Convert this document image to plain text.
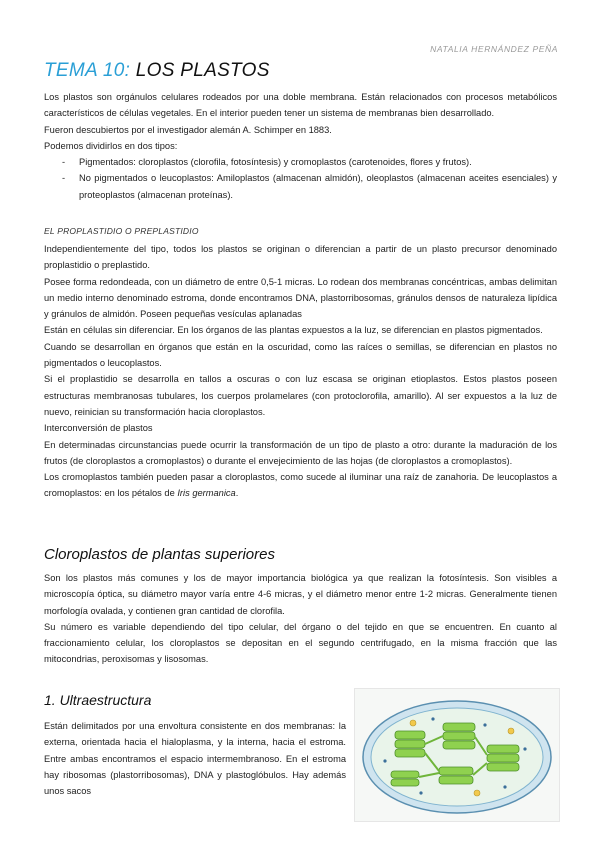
NATALIA HERNÁNDEZ PEÑA
TEMA 10: LOS PLASTOS

Los plastos son orgánulos celulares rodeados por una doble membrana. Están relacionados con procesos metabólicos característicos de células vegetales. En el interior pueden tener un sistema de membranas bien desarrollado.

Fueron descubiertos por el investigador alemán A. Schimper en 1883.

Podemos dividirlos en dos tipos:

- Pigmentados: cloroplastos (clorofila, fotosíntesis) y cromoplastos (carotenoides, flores y frutos).
- No pigmentados o leucoplastos: Amiloplastos (almacenan almidón), oleoplastos (almacenan aceites esenciales) y proteoplastos (almacenan proteínas).
EL PROPLASTIDIO O PREPLASTIDIO

Independientemente del tipo, todos los plastos se originan o diferencian a partir de un plasto precursor denominado proplastidio o preplastido.

Posee forma redondeada, con un diámetro de entre 0,5-1 micras. Lo rodean dos membranas concéntricas, ambas delimitan un medio interno denominado estroma, donde encontramos DNA, plastorribosomas, gránulos densos de naturaleza lipídica y gránulos de almidón. Poseen pequeñas vesículas aplanadas

Están en células sin diferenciar. En los órganos de las plantas expuestos a la luz, se diferencian en plastos pigmentados.

Cuando se desarrollan en órganos que están en la oscuridad, como las raíces o semillas, se diferencian en plastos no pigmentados o leucoplastos.

Si el proplastidio se desarrolla en tallos a oscuras o con luz escasa se originan etioplastos. Estos plastos poseen estructuras membranosas tubulares, los cuerpos prolamelares (con protoclorofila, amarillo). Al ser expuestos a la luz de nuevo, reinician su transformación hacia cloroplastos.

Interconversión de plastos

En determinadas circunstancias puede ocurrir la transformación de un tipo de plasto a otro: durante la maduración de los frutos (de cloroplastos a cromoplastos) o durante el envejecimiento de las hojas (de cloroplastos a cromoplastos).

Los cromoplastos también pueden pasar a cloroplastos, como sucede al iluminar una raíz de zanahoria. De leucoplastos a cromoplastos: en los pétalos de Iris germanica.

Cloroplastos de plantas superiores

Son los plastos más comunes y los de mayor importancia biológica ya que realizan la fotosíntesis. Son visibles a microscopía óptica, su diámetro mayor varía entre 4-6 micras, y el diámetro menor entre 1-2 micras. Generalmente tienen morfología ovalada, y contienen gran cantidad de clorofila.

Su número es variable dependiendo del tipo celular, del órgano o del tejido en que se encuentren. En cuanto al fraccionamiento celular, los cloroplastos se depositan en el segundo centrifugado, en la misma fracción que las mitocondrias, peroxisomas y lisosomas.

1. Ultraestructura

Están delimitados por una envoltura consistente en dos membranas: la externa, orientada hacia el hialoplasma, y la interna, hacia el estroma. Entre ambas encontramos el espacio intermembranoso. En el estroma hay ribosomas (plastorribosomas), DNA y plastoglóbulos. Hay además unos sacos
